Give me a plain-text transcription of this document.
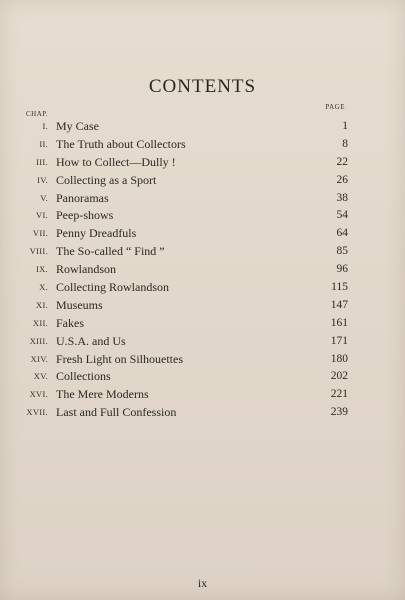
CONTENTS
CHAP.
PAGE
I. My Case	1
II. The Truth about Collectors	8
III. How to Collect—Dully !	22
IV. Collecting as a Sport	26
V. Panoramas	38
VI. Peep-shows	54
VII. Penny Dreadfuls	64
VIII. The So-called “ Find ”	85
IX. Rowlandson	96
X. Collecting Rowlandson	115
XI. Museums	147
XII. Fakes	161
XIII. U.S.A. and Us	171
XIV. Fresh Light on Silhouettes	180
XV. Collections	202
XVI. The Mere Moderns	221
XVII. Last and Full Confession	239
ix
